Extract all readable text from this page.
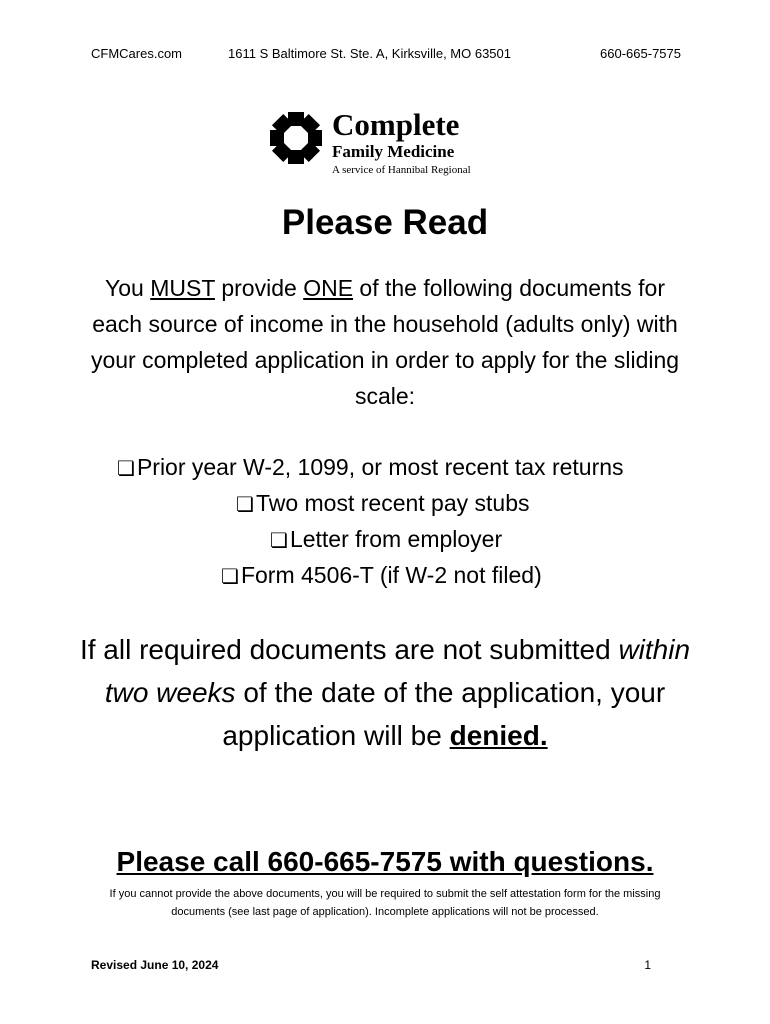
CFMCares.com	1611 S Baltimore St. Ste. A, Kirksville, MO 63501	660-665-7575
Complete
Family Medicine
A service of Hannibal Regional
Please Read
You MUST provide ONE of the following documents for each source of income in the household (adults only) with your completed application in order to apply for the sliding scale:
❏Prior year W-2, 1099, or most recent tax returns
❏Two most recent pay stubs
❏Letter from employer
❏Form 4506-T (if W-2 not filed)
If all required documents are not submitted within two weeks of the date of the application, your application will be denied.
Please call 660-665-7575 with questions.
If you cannot provide the above documents, you will be required to submit the self attestation form for the missing documents (see last page of application). Incomplete applications will not be processed.
Revised June 10, 2024	1
